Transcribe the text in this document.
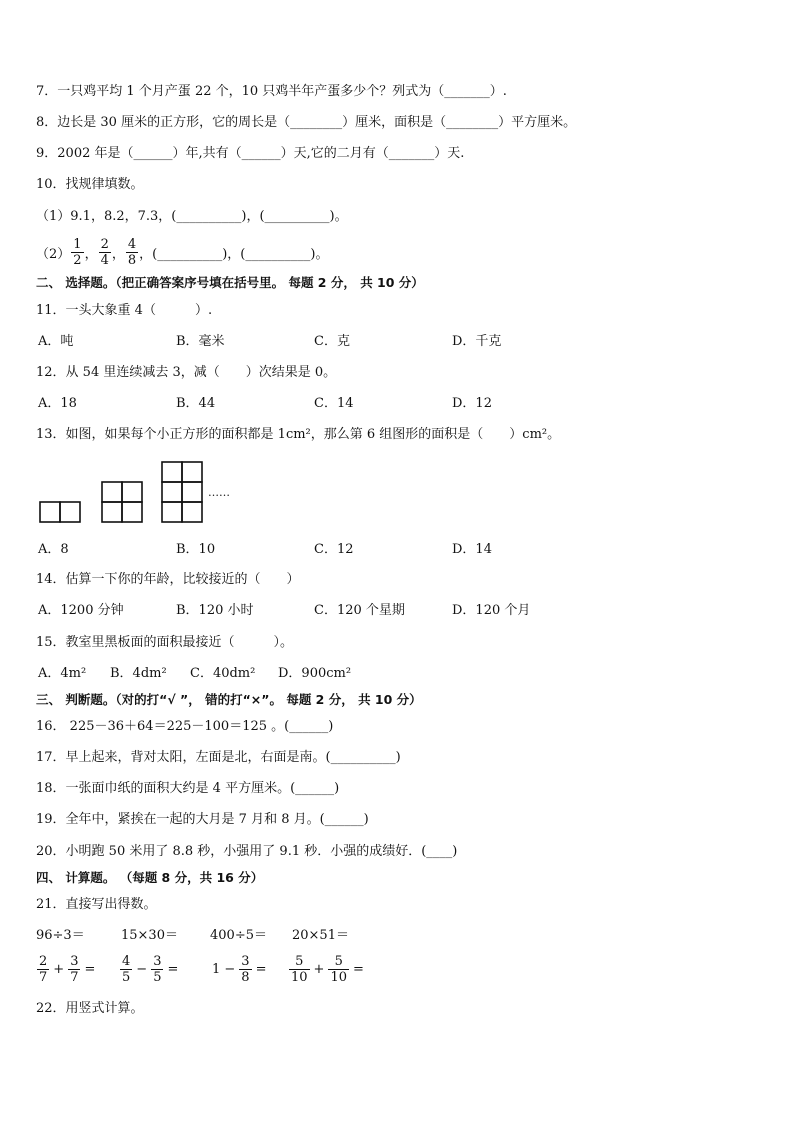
7．一只鸡平均 1 个月产蛋 22 个，10 只鸡半年产蛋多少个？列式为（_______）.
8．边长是 30 厘米的正方形，它的周长是（________）厘米，面积是（________）平方厘米。
9．2002 年是（______）年,共有（______）天,它的二月有（_______）天.
10．找规律填数。
（1）9.1，8.2，7.3，(__________)，(__________)。
$(2) \frac{1}{2}$ ， $\frac{2}{4}$ ， $\frac{4}{8}$ ，(__________)，(__________)。
二、 选择题。（把正确答案序号填在括号里。 每题 2 分， 共 10 分）
11．一头大象重 4（　　　）.
A．吨	B．毫米	C．克	D．千克
12．从 54 里连续减去 3，减（　　）次结果是 0。
A．18	B．44	C．14	D．12
13．如图，如果每个小正方形的面积都是 1cm²，那么第 6 组图形的面积是（　　）cm²。
……
A．8	B．10	C．12	D．14
14．估算一下你的年龄，比较接近的（　　）
A．1200 分钟	B．120 小时	C．120 个星期	D．120 个月
15．教室里黑板面的面积最接近（　　　）。
A．4m² B．4dm² C．40dm² D．900cm²
三、 判断题。（对的打“√ ”， 错的打“×”。 每题 2 分， 共 10 分）
16． 225－36＋64＝225－100＝125 。(______)
17．早上起来，背对太阳，左面是北，右面是南。(__________)
18．一张面巾纸的面积大约是 4 平方厘米。(______)
19．全年中，紧挨在一起的大月是 7 月和 8 月。(______)
20．小明跑 50 米用了 8.8 秒，小强用了 9.1 秒．小强的成绩好．(____)
四、 计算题。 （每题 8 分，共 16 分）
21．直接写出得数。
96÷3＝	15×30＝ 400÷5＝ 20×51＝
$\frac{2}{7} + \frac{3}{7} = \frac{4}{5} - \frac{3}{5}$ =	$1 - \frac{3}{8} = \frac{5}{10} + \frac{5}{10}$ =
22．用竖式计算。
